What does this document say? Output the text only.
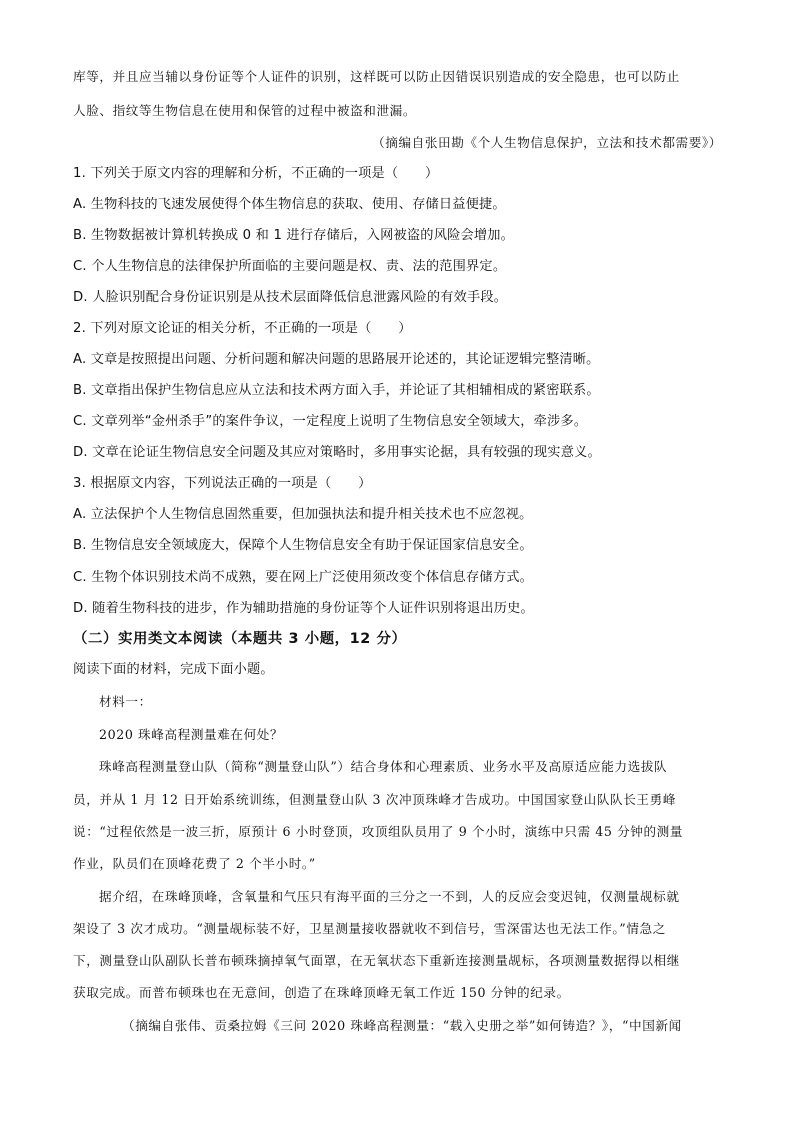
库等，并且应当辅以身份证等个人证件的识别，这样既可以防止因错误识别造成的安全隐患，也可以防止
人脸、指纹等生物信息在使用和保管的过程中被盗和泄漏。
（摘编自张田勘《个人生物信息保护，立法和技术都需要》）
1. 下列关于原文内容的理解和分析，不正确的一项是（　　）
A. 生物科技的飞速发展使得个体生物信息的获取、使用、存储日益便捷。
B. 生物数据被计算机转换成 0 和 1 进行存储后，入网被盗的风险会增加。
C. 个人生物信息的法律保护所面临的主要问题是权、责、法的范围界定。
D. 人脸识别配合身份证识别是从技术层面降低信息泄露风险的有效手段。
2. 下列对原文论证的相关分析，不正确的一项是（　　）
A. 文章是按照提出问题、分析问题和解决问题的思路展开论述的，其论证逻辑完整清晰。
B. 文章指出保护生物信息应从立法和技术两方面入手，并论证了其相辅相成的紧密联系。
C. 文章列举“金州杀手”的案件争议，一定程度上说明了生物信息安全领域大，牵涉多。
D. 文章在论证生物信息安全问题及其应对策略时，多用事实论据，具有较强的现实意义。
3. 根据原文内容，下列说法正确的一项是（　　）
A. 立法保护个人生物信息固然重要，但加强执法和提升相关技术也不应忽视。
B. 生物信息安全领域庞大，保障个人生物信息安全有助于保证国家信息安全。
C. 生物个体识别技术尚不成熟，要在网上广泛使用须改变个体信息存储方式。
D. 随着生物科技的进步，作为辅助措施的身份证等个人证件识别将退出历史。
（二）实用类文本阅读（本题共 3 小题，12 分）
阅读下面的材料，完成下面小题。
材料一：
2020 珠峰高程测量难在何处？
珠峰高程测量登山队（简称“测量登山队”）结合身体和心理素质、业务水平及高原适应能力选拔队
员，并从 1 月 12 日开始系统训练，但测量登山队 3 次冲顶珠峰才告成功。中国国家登山队队长王勇峰
说：“过程依然是一波三折，原预计 6 小时登顶，攻顶组队员用了 9 个小时，演练中只需 45 分钟的测量
作业，队员们在顶峰花费了 2 个半小时。”
据介绍，在珠峰顶峰，含氧量和气压只有海平面的三分之一不到，人的反应会变迟钝，仅测量觇标就
架设了 3 次才成功。“测量觇标装不好，卫星测量接收器就收不到信号，雪深雷达也无法工作。”情急之
下，测量登山队副队长普布顿珠摘掉氧气面罩，在无氧状态下重新连接测量觇标，各项测量数据得以相继
获取完成。而普布顿珠也在无意间，创造了在珠峰顶峰无氧工作近 150 分钟的纪录。
（摘编自张伟、贡桑拉姆《三问 2020 珠峰高程测量：“载入史册之举”如何铸造？》，“中国新闻
